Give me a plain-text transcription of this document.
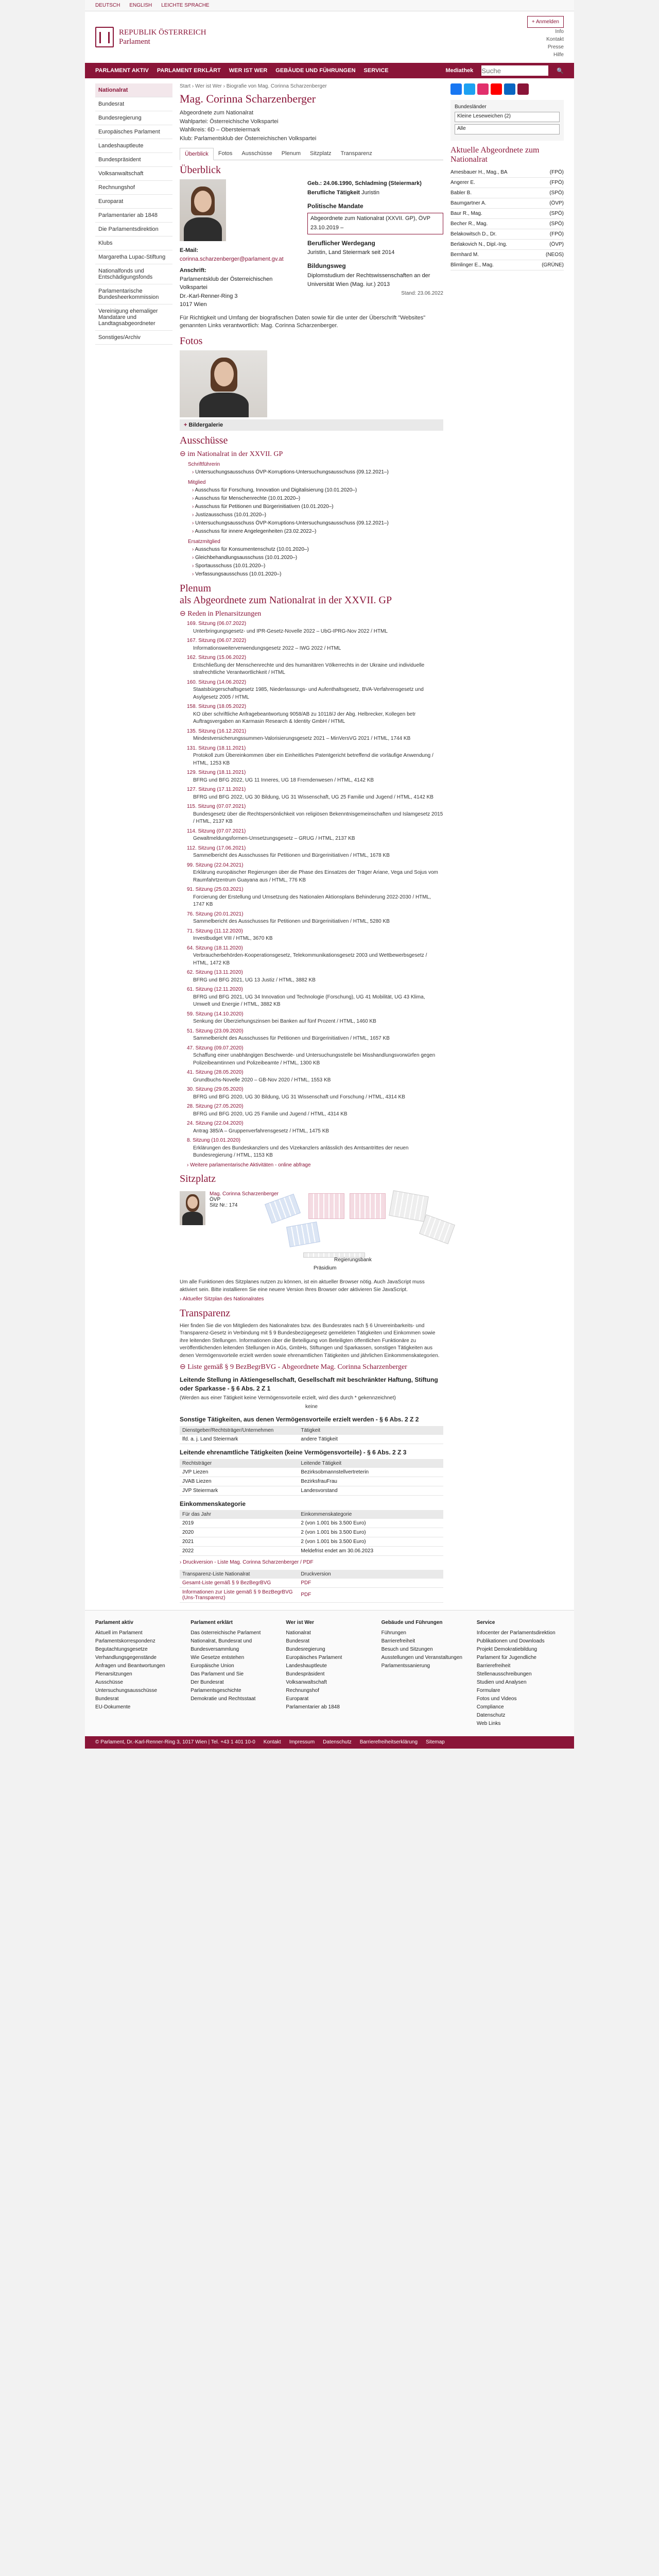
DEUTSCH ENGLISH LEICHTE SPRACHE
REPUBLIK ÖSTERREICH
Parlament
+ Anmelden
Info
Kontakt
Presse
Hilfe
PARLAMENT AKTIV PARLAMENT ERKLÄRT WER IST WER GEBÄUDE UND FÜHRUNGEN SERVICE	Mediathek
Suche	🔍
Nationalrat
Bundesrat
Bundesregierung
Europäisches Parlament
Landeshauptleute
Bundespräsident
Volksanwaltschaft
Rechnungshof
Europarat
Parlamentarier ab 1848
Die Parlamentsdirektion
Klubs
Margaretha Lupac-Stiftung
Nationalfonds und Entschädigungsfonds
Parlamentarische Bundesheerkommission
Vereinigung ehemaliger Mandatare und Landtagsabgeordneter
Sonstiges/Archiv
Start › Wer ist Wer › Biografie von Mag. Corinna Scharzenberger
Mag. Corinna Scharzenberger
Abgeordnete zum Nationalrat
Wahlpartei: Österreichische Volkspartei
Wahlkreis: 6D – Obersteiermark
Klub: Parlamentsklub der Österreichischen Volkspartei
Überblick	Fotos	Ausschüsse	Plenum	Sitzplatz	Transparenz
Überblick
E-Mail:
corinna.scharzenberger@parlament.gv.at
Anschrift:
Parlamentsklub der Österreichischen Volkspartei
Dr.-Karl-Renner-Ring 3
1017 Wien
Geb.: 24.06.1990, Schladming (Steiermark)
Berufliche Tätigkeit Juristin
Politische Mandate
Abgeordnete zum Nationalrat (XXVII. GP), ÖVP 23.10.2019 –
Beruflicher Werdegang
Juristin, Land Steiermark seit 2014
Bildungsweg
Diplomstudium der Rechtswissenschaften an der Universität Wien (Mag. iur.) 2013
Stand: 23.06.2022
Für Richtigkeit und Umfang der biografischen Daten sowie für die unter der Überschrift "Websites" genannten Links verantwortlich: Mag. Corinna Scharzenberger.
Fotos
+ Bildergalerie
Ausschüsse
⊖ im Nationalrat in der XXVII. GP
Schriftführerin
› Untersuchungsausschuss ÖVP-Korruptions-Untersuchungsausschuss (09.12.2021–)
Mitglied
› Ausschuss für Forschung, Innovation und Digitalisierung (10.01.2020–)
› Ausschuss für Menschenrechte (10.01.2020–)
› Ausschuss für Petitionen und Bürgerinitiativen (10.01.2020–)
› Justizausschuss (10.01.2020–)
› Untersuchungsausschuss ÖVP-Korruptions-Untersuchungsausschuss (09.12.2021–)
› Ausschuss für innere Angelegenheiten (23.02.2022–)
Ersatzmitglied
› Ausschuss für Konsumentenschutz (10.01.2020–)
› Gleichbehandlungsausschuss (10.01.2020–)
› Sportausschuss (10.01.2020–)
› Verfassungsausschuss (10.01.2020–)
Plenum
als Abgeordnete zum Nationalrat in der XXVII. GP
⊖ Reden in Plenarsitzungen
169. Sitzung (06.07.2022)
Unterbringungsgesetz- und IPR-Gesetz-Novelle 2022 – UbG-IPRG-Nov 2022 / HTML
167. Sitzung (06.07.2022)
Informationsweiterverwendungsgesetz 2022 – IWG 2022 / HTML
162. Sitzung (15.06.2022)
Entschließung der Menschenrechte und des humanitären Völkerrechts in der Ukraine und individuelle strafrechtliche Verantwortlichkeit / HTML
160. Sitzung (14.06.2022)
Staatsbürgerschaftsgesetz 1985, Niederlassungs- und Aufenthaltsgesetz, BVA-Verfahrensgesetz und Asylgesetz 2005 / HTML
158. Sitzung (18.05.2022)
KO über schriftliche Anfragebeantwortung 9058/AB zu 10118/J der Abg. Helbrecker, Kollegen betr Auftragsvergaben an Karmasin Research & Identity GmbH / HTML
135. Sitzung (16.12.2021)
Mindestversicherungssummen-Valorisierungsgesetz 2021 – MinVersVG 2021 / HTML, 1744 KB
131. Sitzung (18.11.2021)
Protokoll zum Übereinkommen über ein Einheitliches Patentgericht betreffend die vorläufige Anwendung / HTML, 1253 KB
129. Sitzung (18.11.2021)
BFRG und BFG 2022, UG 11 Inneres, UG 18 Fremdenwesen / HTML, 4142 KB
127. Sitzung (17.11.2021)
BFRG und BFG 2022, UG 30 Bildung, UG 31 Wissenschaft, UG 25 Familie und Jugend / HTML, 4142 KB
115. Sitzung (07.07.2021)
Bundesgesetz über die Rechtspersönlichkeit von religiösen Bekenntnisgemeinschaften und Islamgesetz 2015 / HTML, 2137 KB
114. Sitzung (07.07.2021)
Gewaltmeldungsformen-Umsetzungsgesetz – GRUG / HTML, 2137 KB
112. Sitzung (17.06.2021)
Sammelbericht des Ausschusses für Petitionen und Bürgerinitiativen / HTML, 1678 KB
99. Sitzung (22.04.2021)
Erklärung europäischer Regierungen über die Phase des Einsatzes der Träger Ariane, Vega und Sojus vom Raumfahrtzentrum Guayana aus / HTML, 776 KB
91. Sitzung (25.03.2021)
Forcierung der Erstellung und Umsetzung des Nationalen Aktionsplans Behinderung 2022-2030 / HTML, 1747 KB
76. Sitzung (20.01.2021)
Sammelbericht des Ausschusses für Petitionen und Bürgerinitiativen / HTML, 5280 KB
71. Sitzung (11.12.2020)
Investbudget VIII / HTML, 3670 KB
64. Sitzung (18.11.2020)
Verbraucherbehörden-Kooperationsgesetz, Telekommunikationsgesetz 2003 und Wettbewerbsgesetz / HTML, 1472 KB
62. Sitzung (13.11.2020)
BFRG und BFG 2021, UG 13 Justiz / HTML, 3882 KB
61. Sitzung (12.11.2020)
BFRG und BFG 2021, UG 34 Innovation und Technologie (Forschung), UG 41 Mobilität, UG 43 Klima, Umwelt und Energie / HTML, 3882 KB
59. Sitzung (14.10.2020)
Senkung der Überziehungszinsen bei Banken auf fünf Prozent / HTML, 1460 KB
51. Sitzung (23.09.2020)
Sammelbericht des Ausschusses für Petitionen und Bürgerinitiativen / HTML, 1657 KB
47. Sitzung (09.07.2020)
Schaffung einer unabhängigen Beschwerde- und Untersuchungsstelle bei Misshandlungsvorwürfen gegen Polizeibeamtinnen und Polizeibeamte / HTML, 1300 KB
41. Sitzung (28.05.2020)
Grundbuchs-Novelle 2020 – GB-Nov 2020 / HTML, 1553 KB
30. Sitzung (29.05.2020)
BFRG und BFG 2020, UG 30 Bildung, UG 31 Wissenschaft und Forschung / HTML, 4314 KB
28. Sitzung (27.05.2020)
BFRG und BFG 2020, UG 25 Familie und Jugend / HTML, 4314 KB
24. Sitzung (22.04.2020)
Antrag 385/A – Gruppenverfahrensgesetz / HTML, 1475 KB
8. Sitzung (10.01.2020)
Erklärungen des Bundeskanzlers und des Vizekanzlers anlässlich des Amtsantrittes der neuen Bundesregierung / HTML, 1153 KB
› Weitere parlamentarische Aktivitäten - online abfrage
Sitzplatz
Mag. Corinna Scharzenberger
ÖVP
Sitz Nr.: 174
Regierungsbank
Präsidium
Um alle Funktionen des Sitzplanes nutzen zu können, ist ein aktueller Browser nötig. Auch JavaScript muss aktiviert sein. Bitte installieren Sie eine neuere Version Ihres Browser oder aktivieren Sie JavaScript.
› Aktueller Sitzplan des Nationalrates
Transparenz
Hier finden Sie die von Mitgliedern des Nationalrates bzw. des Bundesrates nach § 6 Unvereinbarkeits- und Transparenz-Gesetz in Verbindung mit § 9 Bundesbezügegesetz gemeldeten Tätigkeiten und Einkommen sowie ihre leitenden Stellungen. Informationen über die Beteiligung von Beteiligten öffentlichen Funktionäre zu veröffentlichenden leitenden Stellungen in AGs, GmbHs, Stiftungen und Sparkassen, sonstigen Tätigkeiten aus denen Vermögensvorteile erzielt werden sowie ehrenamtlichen Tätigkeiten und jährlichen Einkommenskategorien.
⊖ Liste gemäß § 9 BezBegrBVG - Abgeordnete Mag. Corinna Scharzenberger
Leitende Stellung in Aktiengesellschaft, Gesellschaft mit beschränkter Haftung, Stiftung oder Sparkasse - § 6 Abs. 2 Z 1
(Werden aus einer Tätigkeit keine Vermögensvorteile erzielt, wird dies durch * gekennzeichnet)
keine
Sonstige Tätigkeiten, aus denen Vermögensvorteile erzielt werden - § 6 Abs. 2 Z 2
Dienstgeber/Rechtsträger/Unternehmen	Tätigkeit
lfd. a. j. Land Steiermark	andere Tätigkeit
Leitende ehrenamtliche Tätigkeiten (keine Vermögensvorteile) - § 6 Abs. 2 Z 3
Rechtsträger	Leitende Tätigkeit
JVP Liezen	Bezirksobmannstellvertreterin
JVAB Liezen	BezirksfrauFrau
JVP Steiermark	Landesvorstand
Einkommenskategorie
Für das Jahr	Einkommenskategorie
2019	2 (von 1.001 bis 3.500 Euro)
2020	2 (von 1.001 bis 3.500 Euro)
2021	2 (von 1.001 bis 3.500 Euro)
2022	Meldefrist endet am 30.06.2023
› Druckversion - Liste Mag. Corinna Scharzenberger / PDF
Transparenz-Liste Nationalrat	Druckversion
Gesamt-Liste gemäß § 9 BezBegrBVG	PDF
Informationen zur Liste gemäß § 9 BezBegrBVG (Uns-Transparenz)	PDF
Bundesländer
Kleine Leseweichen (2)
Alle
Aktuelle Abgeordnete zum Nationalrat
Amesbauer H., Mag., BA	(FPÖ)
Angerer E.	(FPÖ)
Babler B.	(SPÖ)
Baumgartner A.	(ÖVP)
Baur R., Mag.	(SPÖ)
Becher R., Mag.	(SPÖ)
Belakowitsch D., Dr.	(FPÖ)
Berlakovich N., Dipl.-Ing.	(ÖVP)
Bernhard M.	(NEOS)
Blimlinger E., Mag.	(GRÜNE)
Parlament aktiv
Aktuell im Parlament
Parlamentskorrespondenz
Begutachtungsgesetze
Verhandlungsgegenstände
Anfragen und Beantwortungen
Plenarsitzungen
Ausschüsse
Untersuchungsausschüsse
Bundesrat
EU-Dokumente
Parlament erklärt
Das österreichische Parlament
Nationalrat, Bundesrat und Bundesversammlung
Wie Gesetze entstehen
Europäische Union
Das Parlament und Sie
Der Bundesrat
Parlamentsgeschichte
Demokratie und Rechtsstaat
Wer ist Wer
Nationalrat
Bundesrat
Bundesregierung
Europäisches Parlament
Landeshauptleute
Bundespräsident
Volksanwaltschaft
Rechnungshof
Europarat
Parlamentarier ab 1848
Gebäude und Führungen
Führungen
Barrierefreiheit
Besuch und Sitzungen
Ausstellungen und Veranstaltungen
Parlamentssanierung
Service
Infocenter der Parlamentsdirektion
Publikationen und Downloads
Projekt Demokratiebildung
Parlament für Jugendliche
Barrierefreiheit
Stellenausschreibungen
Studien und Analysen
Formulare
Fotos und Videos
Compliance
Datenschutz
Web Links
© Parlament, Dr.-Karl-Renner-Ring 3, 1017 Wien | Tel. +43 1 401 10-0 Kontakt Impressum Datenschutz Barrierefreiheitserklärung Sitemap
